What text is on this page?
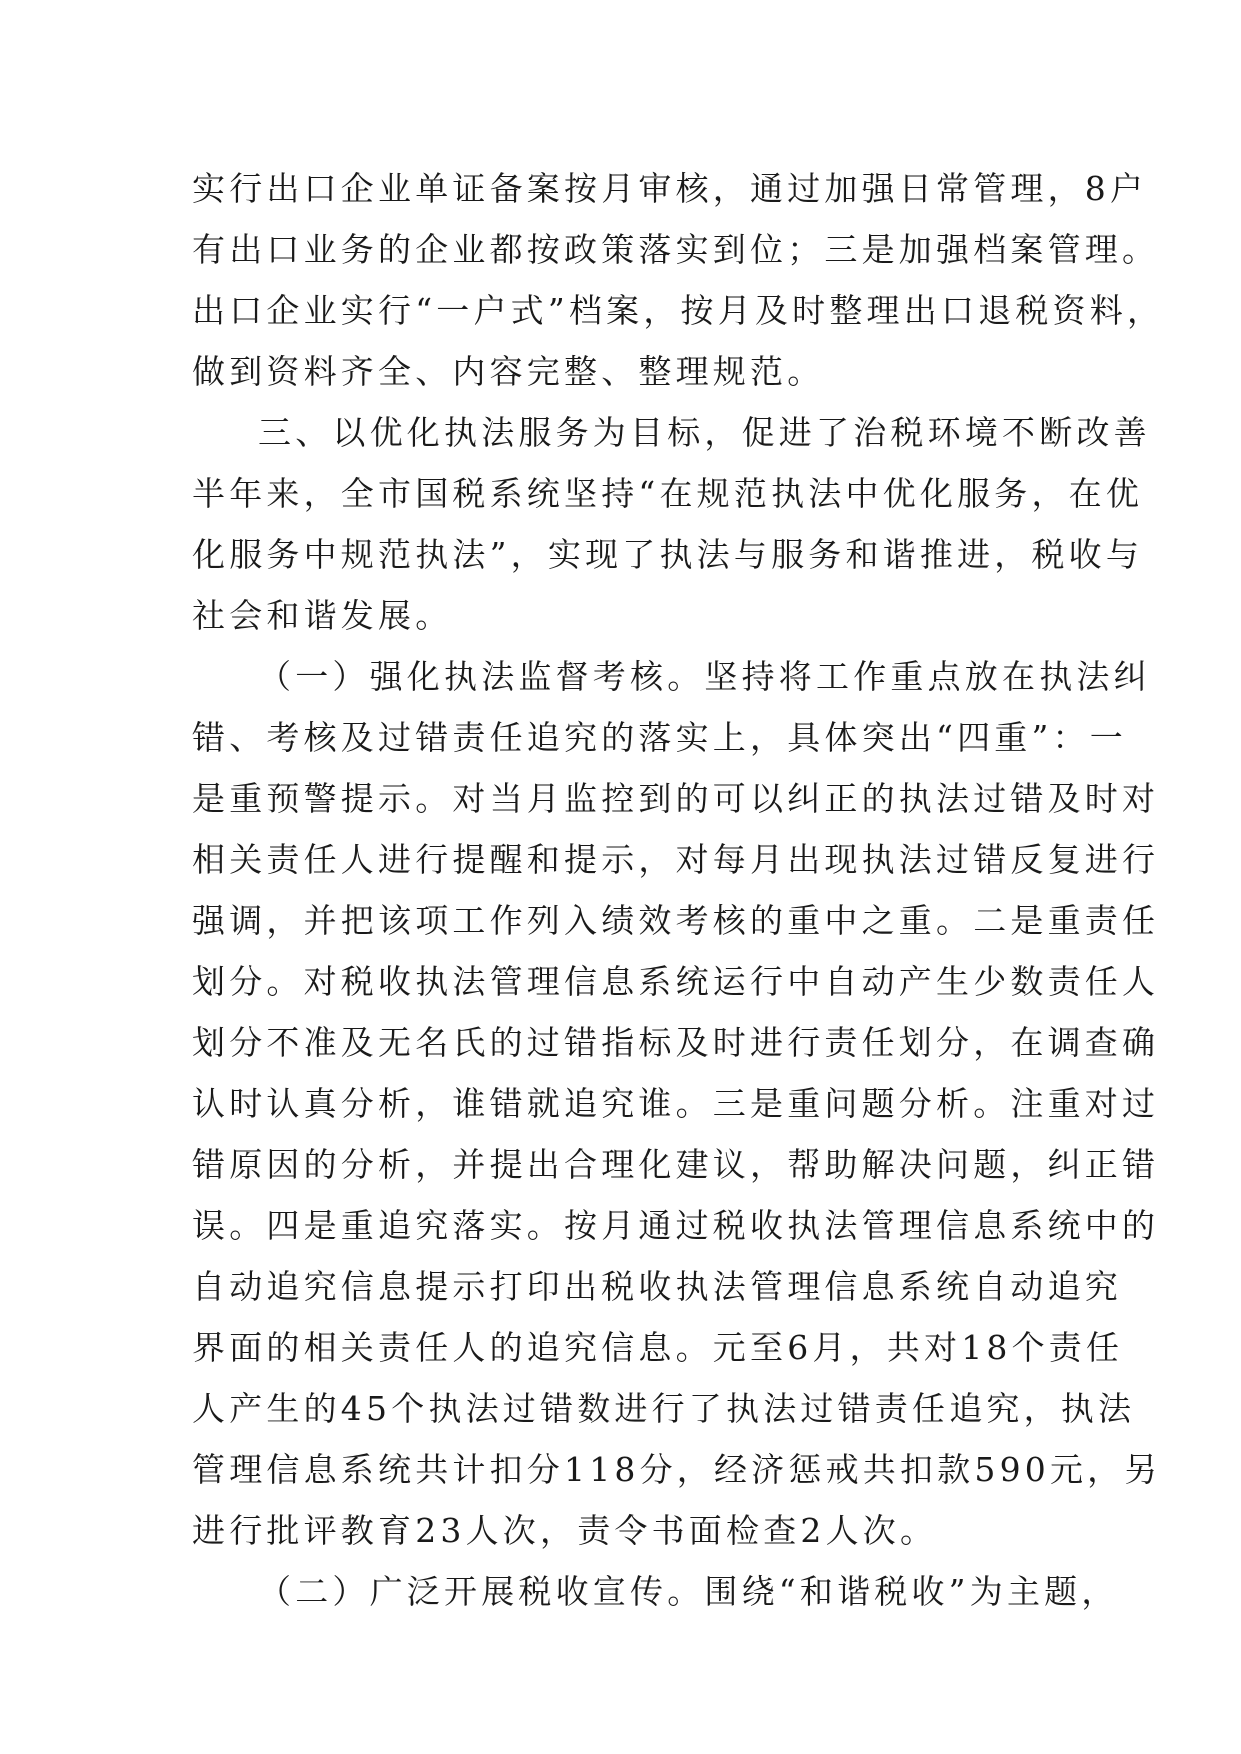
实行出口企业单证备案按月审核，通过加强日常管理，8户
有出口业务的企业都按政策落实到位；三是加强档案管理。
出口企业实行“一户式”档案，按月及时整理出口退税资料，
做到资料齐全、内容完整、整理规范。
三、以优化执法服务为目标，促进了治税环境不断改善
半年来，全市国税系统坚持“在规范执法中优化服务，在优
化服务中规范执法”，实现了执法与服务和谐推进，税收与
社会和谐发展。
（一）强化执法监督考核。坚持将工作重点放在执法纠
错、考核及过错责任追究的落实上，具体突出“四重”：一
是重预警提示。对当月监控到的可以纠正的执法过错及时对
相关责任人进行提醒和提示，对每月出现执法过错反复进行
强调，并把该项工作列入绩效考核的重中之重。二是重责任
划分。对税收执法管理信息系统运行中自动产生少数责任人
划分不准及无名氏的过错指标及时进行责任划分，在调查确
认时认真分析，谁错就追究谁。三是重问题分析。注重对过
错原因的分析，并提出合理化建议，帮助解决问题，纠正错
误。四是重追究落实。按月通过税收执法管理信息系统中的
自动追究信息提示打印出税收执法管理信息系统自动追究
界面的相关责任人的追究信息。元至6月，共对18个责任
人产生的45个执法过错数进行了执法过错责任追究，执法
管理信息系统共计扣分118分，经济惩戒共扣款590元，另
进行批评教育23人次，责令书面检查2人次。
（二）广泛开展税收宣传。围绕“和谐税收”为主题，
